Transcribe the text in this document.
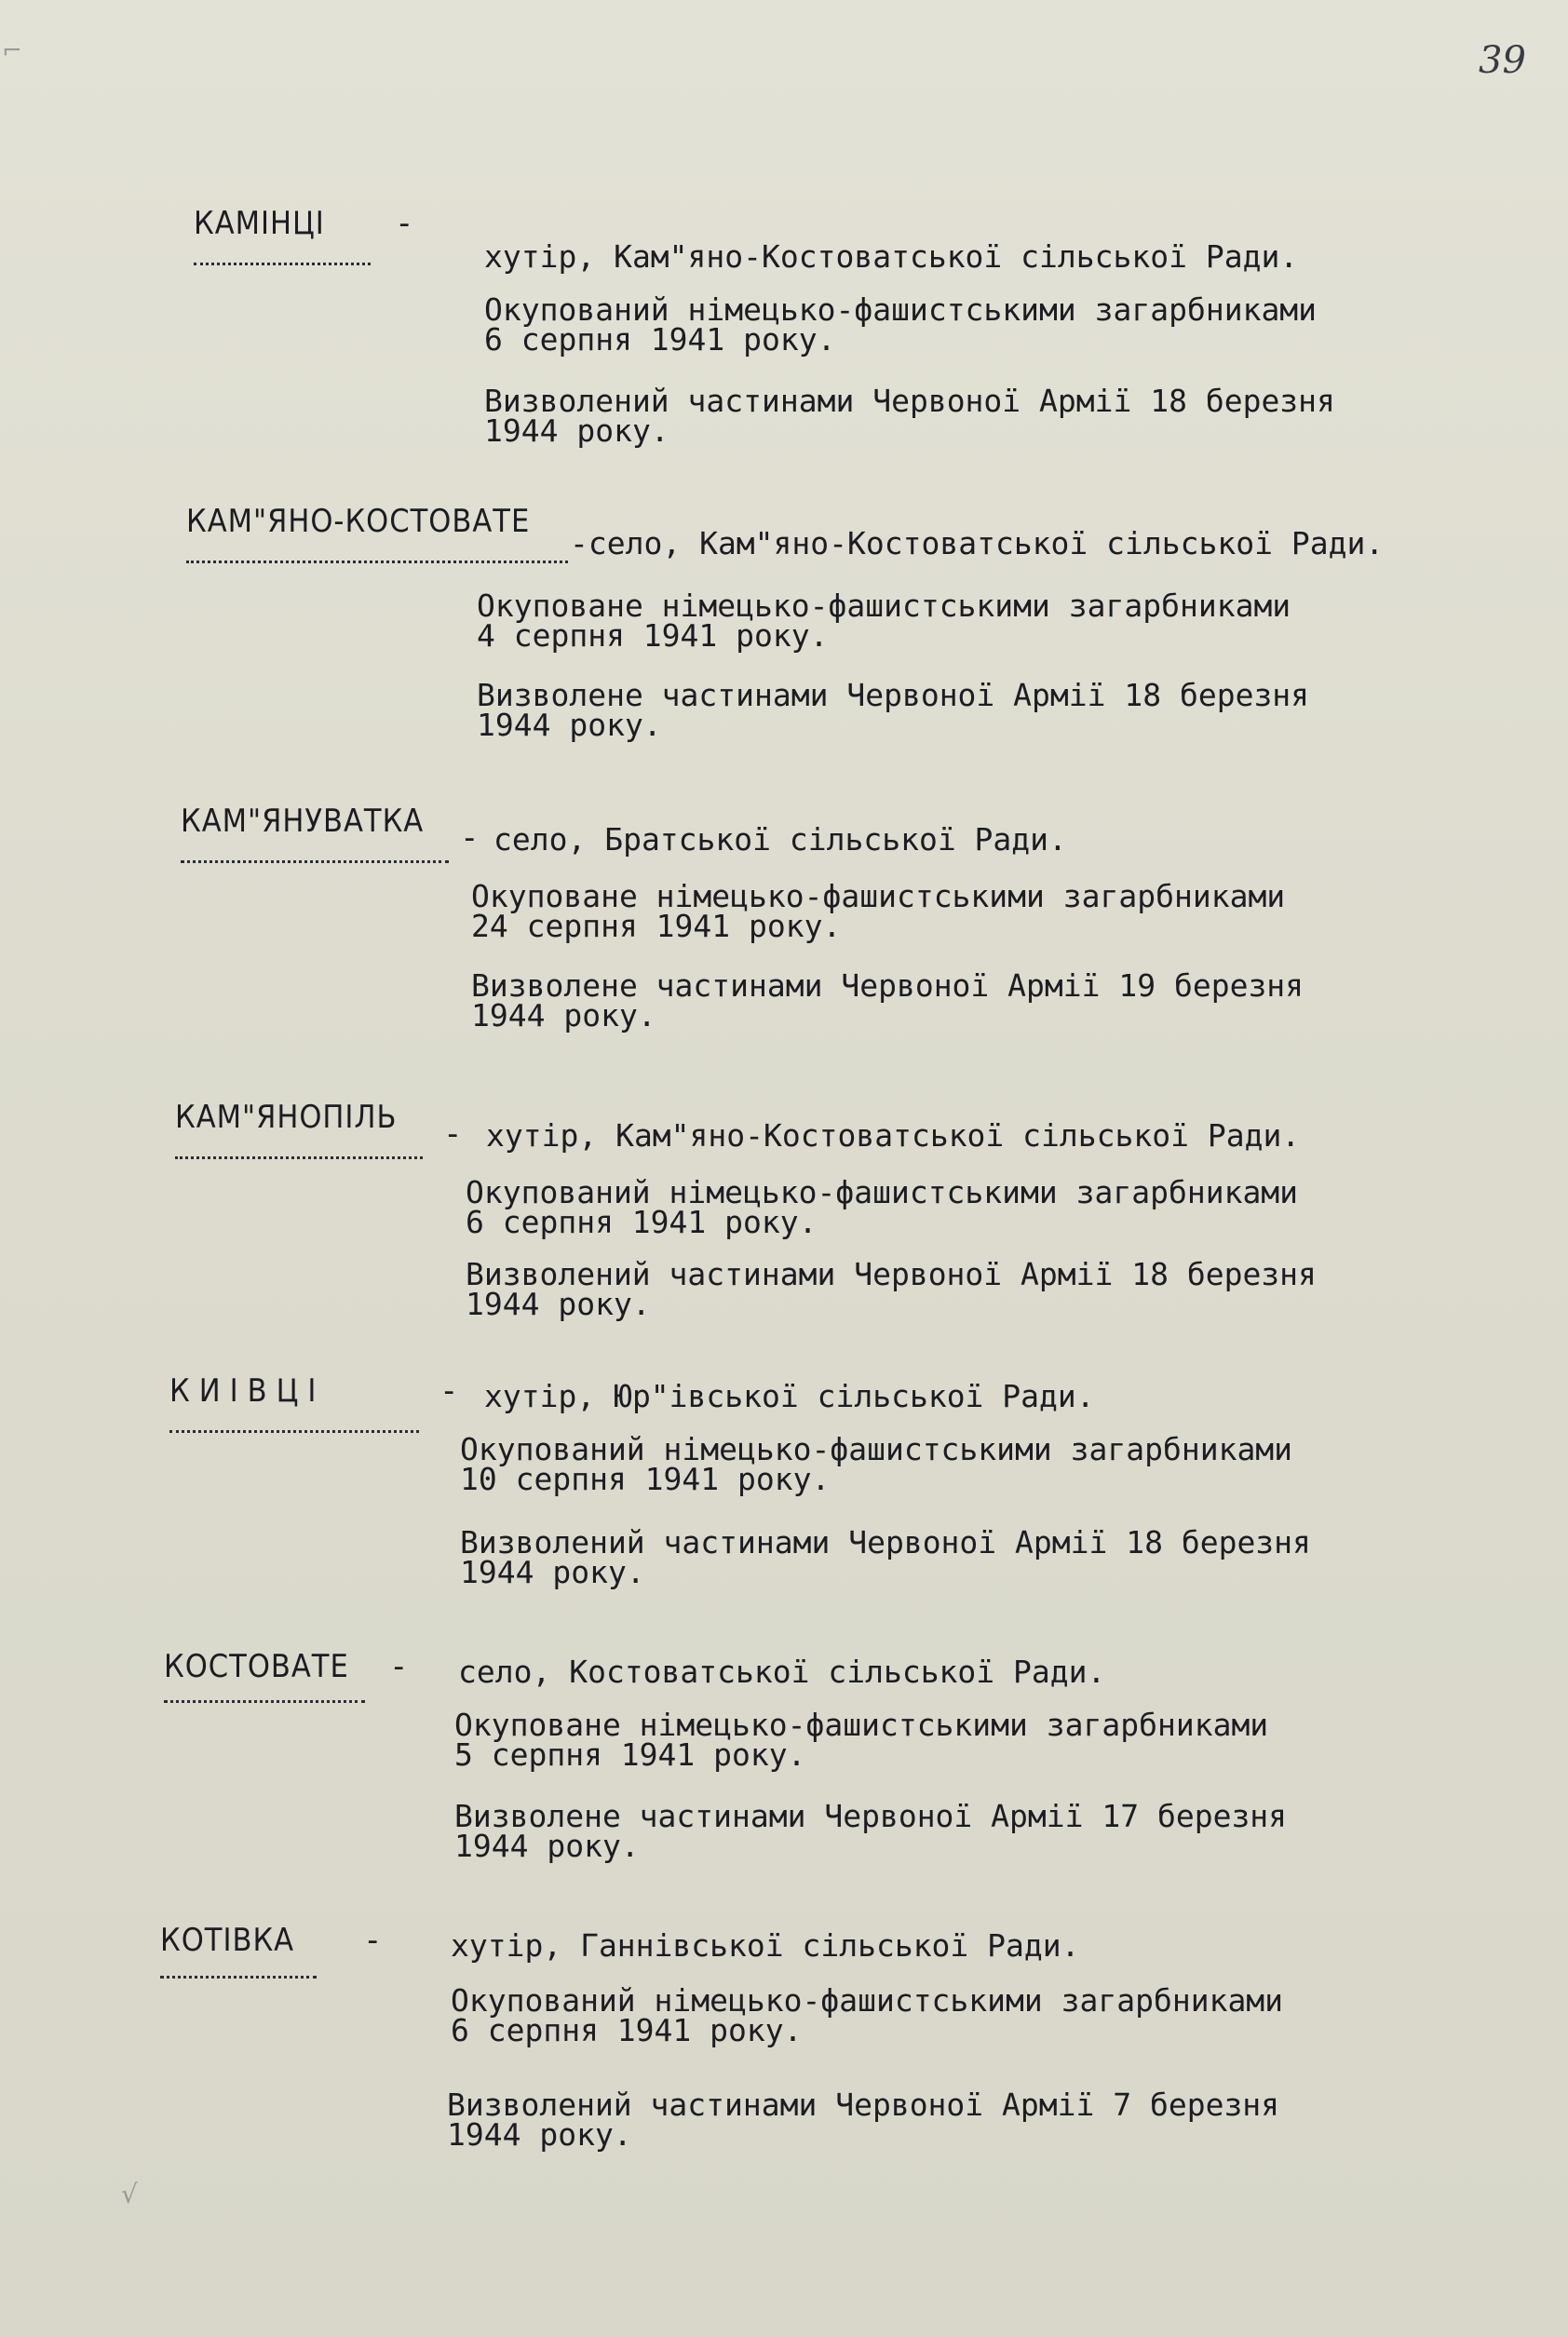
39
⌐
√
КАМІНЦІ -
хутір, Кам"яно-Костоватської сільської Ради.
Окупований німецько-фашистськими загарбниками
6 серпня 1941 року.
Визволений частинами Червоної Армії 18 березня
1944 року.
КАМ"ЯНО-КОСТОВАТЕ
-село, Кам"яно-Костоватської сільської Ради.
Окуповане німецько-фашистськими загарбниками
4 серпня 1941 року.
Визволене частинами Червоної Армії 18 березня
1944 року.
КАМ"ЯНУВАТКА - село, Братської сільської Ради.
Окуповане німецько-фашистськими загарбниками
24 серпня 1941 року.
Визволене частинами Червоної Армії 19 березня
1944 року.
КАМ"ЯНОПІЛЬ - хутір, Кам"яно-Костоватської сільської Ради.
Окупований німецько-фашистськими загарбниками
6 серпня 1941 року.
Визволений частинами Червоної Армії 18 березня
1944 року.
КИІВЦІ	- хутір, Юр"івської сільської Ради.
Окупований німецько-фашистськими загарбниками
10 серпня 1941 року.
Визволений частинами Червоної Армії 18 березня
1944 року.
КОСТОВАТЕ - село, Костоватської сільської Ради.
Окуповане німецько-фашистськими загарбниками
5 серпня 1941 року.
Визволене частинами Червоної Армії 17 березня
1944 року.
КОТІВКА - хутір, Ганнівської сільської Ради.
Окупований німецько-фашистськими загарбниками
6 серпня 1941 року.
Визволений частинами Червоної Армії 7 березня
1944 року.
